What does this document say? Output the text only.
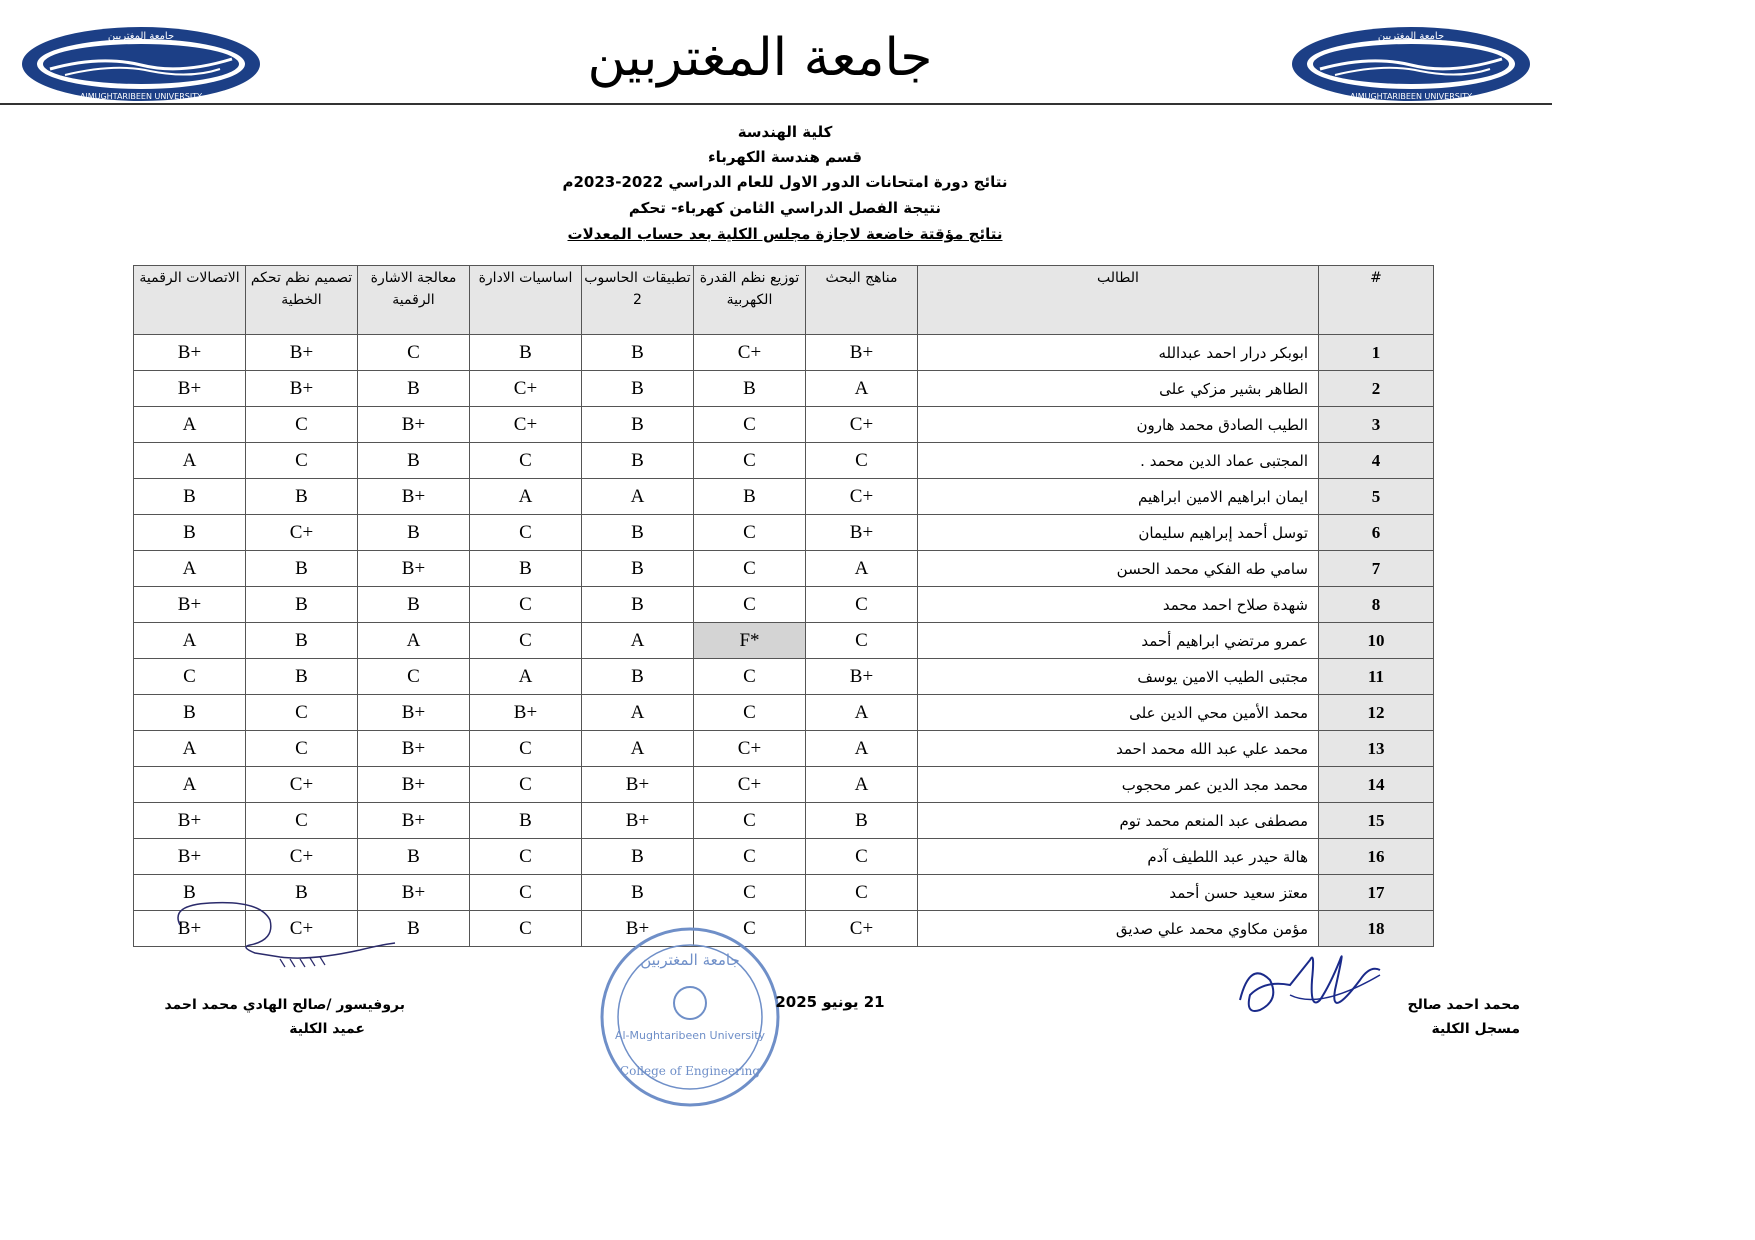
جامعة المغتربين
AlMUGHTARIBEEN UNIVERSITY
جامعة المغتربين	جامعة المغتربين
AlMUGHTARIBEEN UNIVERSITY
كلية الهندسة
قسم هندسة الكهرباء
نتائج دورة امتحانات الدور الاول للعام الدراسي 2022-2023م
نتيجة الفصل الدراسي الثامن كهرباء- تحكم
نتائج مؤقتة خاضعة لاجازة مجلس الكلية بعد حساب المعدلات
الاتصالات الرقمية	تصميم نظم تحكم الخطية	معالجة الاشارة الرقمية	اساسيات الادارة	تطبيقات الحاسوب 2	توزيع نظم القدرة الكهربية	مناهج البحث	الطالب	#
B+	B+	C	B	B	C+	B+	ابوبكر درار احمد عبدالله	1
B+	B+	B	C+	B	B	A	الطاهر بشير مزكي على	2
A	C	B+	C+	B	C	C+	الطيب الصادق محمد هارون	3
A	C	B	C	B	C	C	المجتبى عماد الدين محمد .	4
B	B	B+	A	A	B	C+	ايمان ابراهيم الامين ابراهيم	5
B	C+	B	C	B	C	B+	توسل أحمد إبراهيم سليمان	6
A	B	B+	B	B	C	A	سامي طه الفكي محمد الحسن	7
B+	B	B	C	B	C	C	شهدة صلاح احمد محمد	8
A	B	A	C	A	F*	C	عمرو مرتضي ابراهيم أحمد	10
C	B	C	A	B	C	B+	مجتبى الطيب الامين يوسف	11
B	C	B+	B+	A	C	A	محمد الأمين محي الدين على	12
A	C	B+	C	A	C+	A	محمد علي عبد الله محمد احمد	13
A	C+	B+	C	B+	C+	A	محمد مجد الدين عمر محجوب	14
B+	C	B+	B	B+	C	B	مصطفى عبد المنعم محمد توم	15
B+	C+	B	C	B	C	C	هالة حيدر عبد اللطيف آدم	16
B	B	B+	C	B	C	C	معتز سعيد حسن أحمد	17
B+	C+	B	C	B+	C	C+	مؤمن مكاوي محمد علي صديق	18
جامعة المغتربين
Al-Mughtaribeen University
College of Engineering
محمد احمد صالح
مسجل الكلية
21 يونيو 2025
بروفيسور /صالح الهادي محمد احمد
عميد الكلية
